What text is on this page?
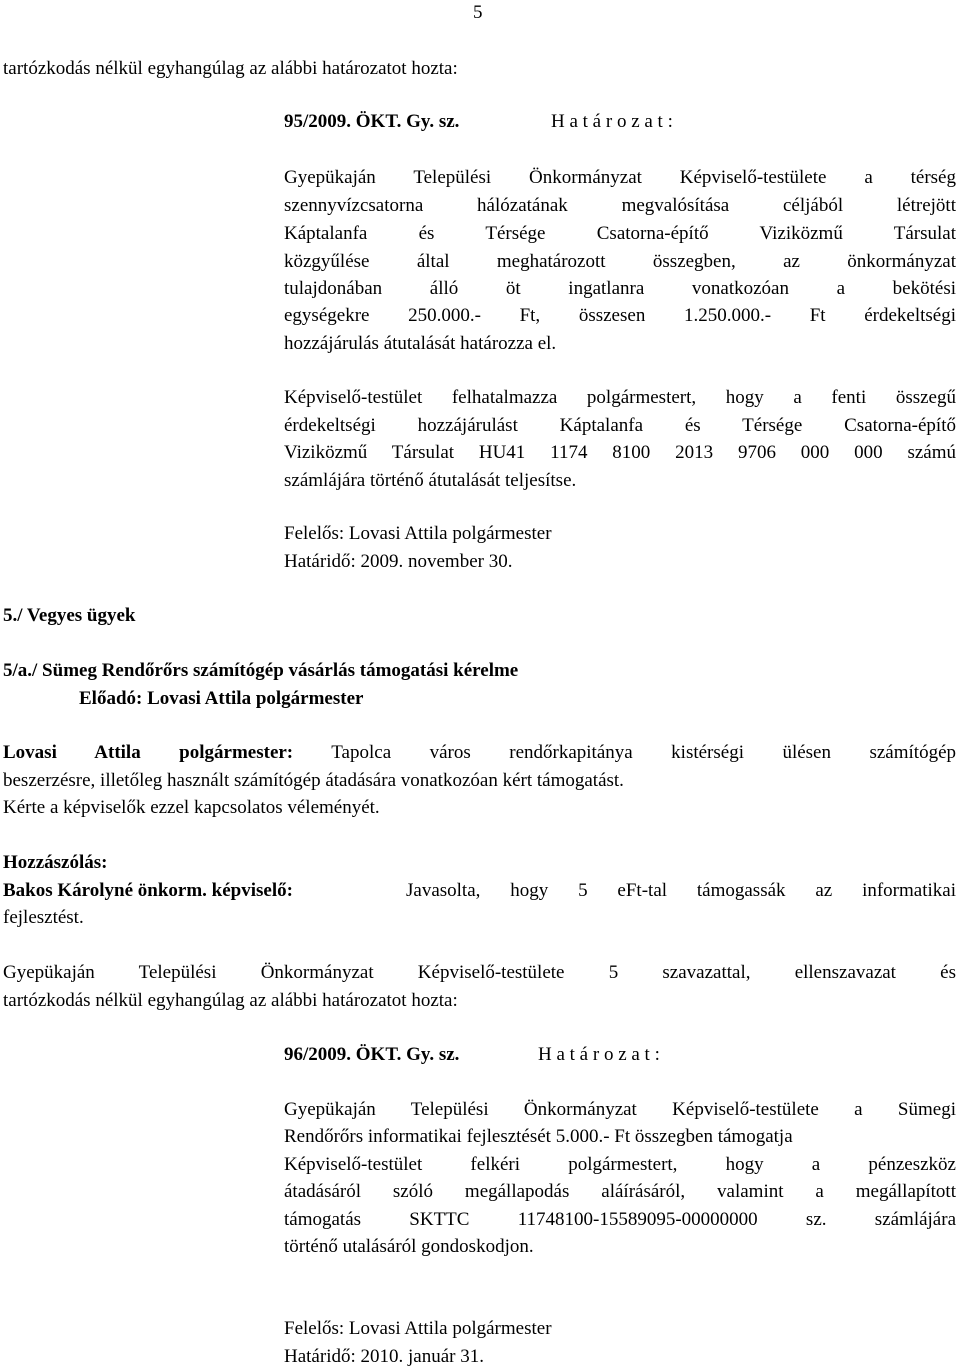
5
tartózkodás nélkül egyhangúlag az alábbi határozatot hozta:
95/2009. ÖKT. Gy. sz.	H a t á r o z a t :
Gyepükaján Települési Önkormányzat Képviselő-testülete a térség
szennyvízcsatorna hálózatának megvalósítása céljából létrejött
Káptalanfa és Térsége Csatorna-építő Viziközmű Társulat
közgyűlése által meghatározott összegben, az önkormányzat
tulajdonában álló öt ingatlanra vonatkozóan a bekötési
egységekre 250.000.- Ft, összesen 1.250.000.- Ft érdekeltségi
hozzájárulás átutalását határozza el.
Képviselő-testület felhatalmazza polgármestert, hogy a fenti összegű
érdekeltségi hozzájárulást Káptalanfa és Térsége Csatorna-építő
Viziközmű Társulat HU41 1174 8100 2013 9706 000 000 számú
számlájára történő átutalását teljesítse.
Felelős: Lovasi Attila polgármester
Határidő: 2009. november 30.
5./ Vegyes ügyek
5/a./ Sümeg Rendőrőrs számítógép vásárlás támogatási kérelme
Előadó: Lovasi Attila polgármester
Lovasi Attila polgármester: Tapolca város rendőrkapitánya kistérségi ülésen számítógép
beszerzésre, illetőleg használt számítógép átadására vonatkozóan kért támogatást.
Kérte a képviselők ezzel kapcsolatos véleményét.
Hozzászólás:
Bakos Károlyné önkorm. képviselő:	Javasolta, hogy 5 eFt-tal támogassák az informatikai
fejlesztést.
Gyepükaján Települési Önkormányzat Képviselő-testülete 5 szavazattal, ellenszavazat és
tartózkodás nélkül egyhangúlag az alábbi határozatot hozta:
96/2009. ÖKT. Gy. sz.	H a t á r o z a t :
Gyepükaján Települési Önkormányzat Képviselő-testülete a Sümegi
Rendőrőrs informatikai fejlesztését 5.000.- Ft összegben támogatja
Képviselő-testület felkéri polgármestert, hogy a pénzeszköz
átadásáról szóló megállapodás aláírásáról, valamint a megállapított
támogatás SKTTC 11748100-15589095-00000000 sz. számlájára
történő utalásáról gondoskodjon.
Felelős: Lovasi Attila polgármester
Határidő: 2010. január 31.
